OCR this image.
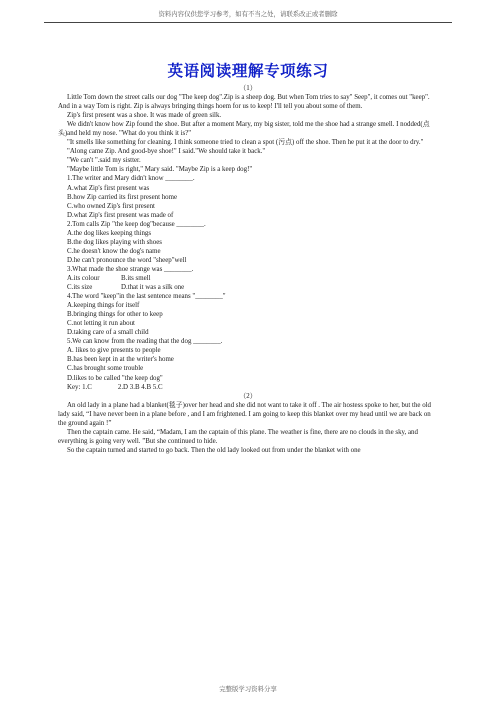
资料内容仅供您学习参考，如有不当之处，请联系改正或者删除
英语阅读理解专项练习

（1）

Little Tom down the street calls our dog "The keep dog".Zip is a sheep dog. But when Tom tries to say" Seep", it comes out "keep". And in a way Tom is right. Zip is always bringing things hoem for us to keep! I'll tell you about some of them.

Zip's first present was a shoe. It was made of green silk.

We didn't know how Zip found the shoe. But after a moment Mary, my big sister, told me the shoe had a strange smell. I nodded(点头)and held my nose. "What do you think it is?"

"It smells like something for cleaning. I think someone tried to clean a spot (污点) off the shoe. Then he put it at the door to dry."

"Along came Zip. And good-bye shoe!" I said."We should take it back."

"We can't ".said my sistter.

"Maybe little Tom is right," Mary said. "Maybe Zip is a keep dog!"

1.The writer and Mary didn't know ________.

A.what Zip's first present was

B.how Zip carried its first present home

C.who owned Zip's first present

D.what Zip's first present was made of

2.Tom calls Zip "the keep dog"because ________.

A.the dog likes keeping things

B.the dog likes playing with shoes

C.he doesn't know the dog's name

D.he can't pronounce the word "sheep"well

3.What made the shoe strange was ________.

A.its colour	B.its smell

C.its size	D.that it was a silk one

4.The word "keep"in the last sentence means "________"

A.keeping things for itself

B.bringing things for other to keep

C.not letting it run about

D.taking care of a small child

5.We can know from the reading that the dog ________.

A. likes to give presents to people

B.has been kept in at the writer's home

C.has brought some trouble

D.likes to be called "the keep dog"

Key: 1.C	2.D 3.B 4.B 5.C

（2）

An old lady in a plane had a blanket(毯子)over her head and she did not want to take it off . The air hostess spoke to her, but the old lady said, “I have never been in a plane before , and I am frightened. I am going to keep this blanket over my head until we are back on the ground again !”

Then the captain came. He said, “Madam, I am the captain of this plane. The weather is fine, there are no clouds in the sky, and everything is going very well. ”But she continued to hide.

So the captain turned and started to go back. Then the old lady looked out from under the blanket with one

完整版学习资料分享
